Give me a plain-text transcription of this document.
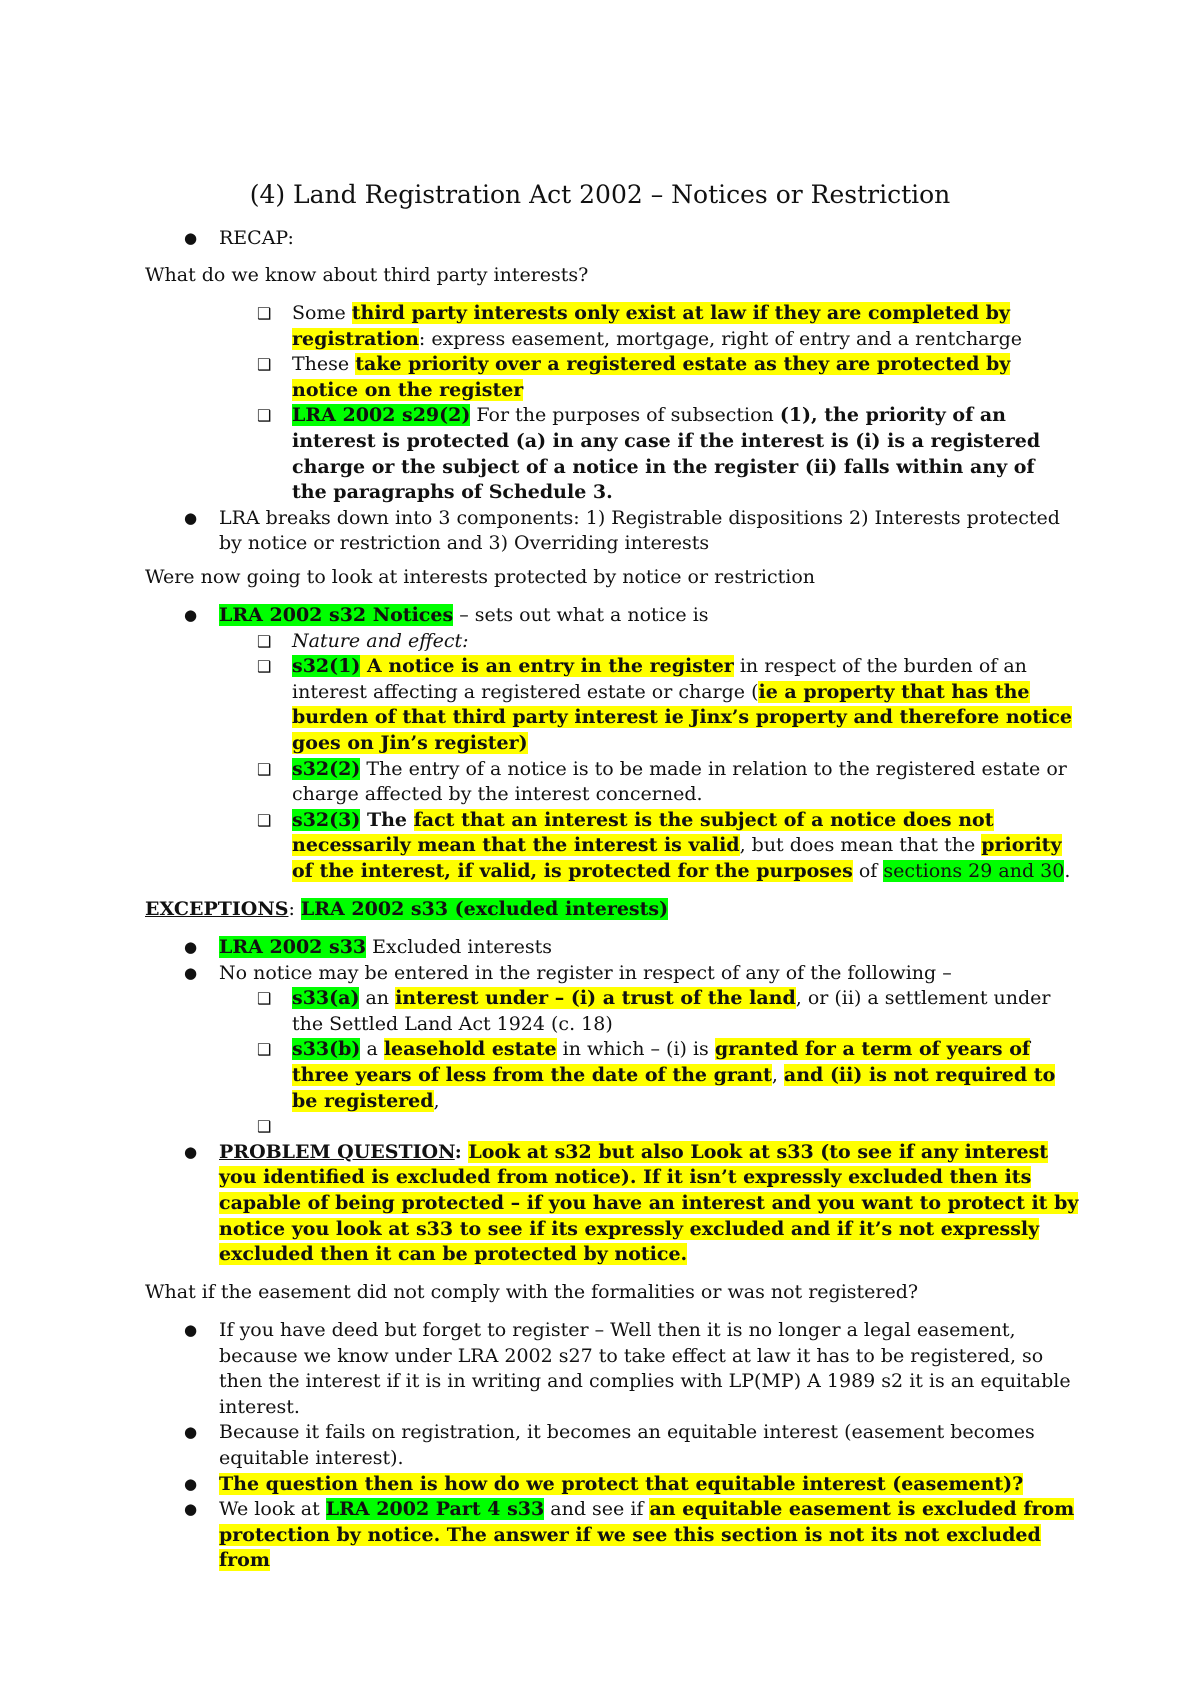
(4) Land Registration Act 2002 – Notices or Restriction
● RECAP:

What do we know about third party interests?

❑ Some third party interests only exist at law if they are completed by registration: express easement, mortgage, right of entry and a rentcharge

❑ These take priority over a registered estate as they are protected by notice on the register

❑ LRA 2002 s29(2) For the purposes of subsection (1), the priority of an interest is protected (a) in any case if the interest is (i) is a registered charge or the subject of a notice in the register (ii) falls within any of the paragraphs of Schedule 3.

● LRA breaks down into 3 components: 1) Registrable dispositions 2) Interests protected by notice or restriction and 3) Overriding interests

Were now going to look at interests protected by notice or restriction

● LRA 2002 s32 Notices – sets out what a notice is

❑ Nature and effect:

❑ s32(1) A notice is an entry in the register in respect of the burden of an interest affecting a registered estate or charge (ie a property that has the burden of that third party interest ie Jinx’s property and therefore notice goes on Jin’s register)

❑ s32(2) The entry of a notice is to be made in relation to the registered estate or charge affected by the interest concerned.

❑ s32(3) The fact that an interest is the subject of a notice does not necessarily mean that the interest is valid, but does mean that the priority of the interest, if valid, is protected for the purposes of sections 29 and 30.

EXCEPTIONS: LRA 2002 s33 (excluded interests)

● LRA 2002 s33 Excluded interests

● No notice may be entered in the register in respect of any of the following –

❑ s33(a) an interest under – (i) a trust of the land, or (ii) a settlement under the Settled Land Act 1924 (c. 18)

❑ s33(b) a leasehold estate in which – (i) is granted for a term of years of three years of less from the date of the grant, and (ii) is not required to be registered,

❑

● PROBLEM QUESTION: Look at s32 but also Look at s33 (to see if any interest you identified is excluded from notice). If it isn’t expressly excluded then its capable of being protected – if you have an interest and you want to protect it by notice you look at s33 to see if its expressly excluded and if it’s not expressly excluded then it can be protected by notice.

What if the easement did not comply with the formalities or was not registered?

● If you have deed but forget to register – Well then it is no longer a legal easement, because we know under LRA 2002 s27 to take effect at law it has to be registered, so then the interest if it is in writing and complies with LP(MP) A 1989 s2 it is an equitable interest.

● Because it fails on registration, it becomes an equitable interest (easement becomes equitable interest).

● The question then is how do we protect that equitable interest (easement)?

● We look at LRA 2002 Part 4 s33 and see if an equitable easement is excluded from protection by notice. The answer if we see this section is not its not excluded from
